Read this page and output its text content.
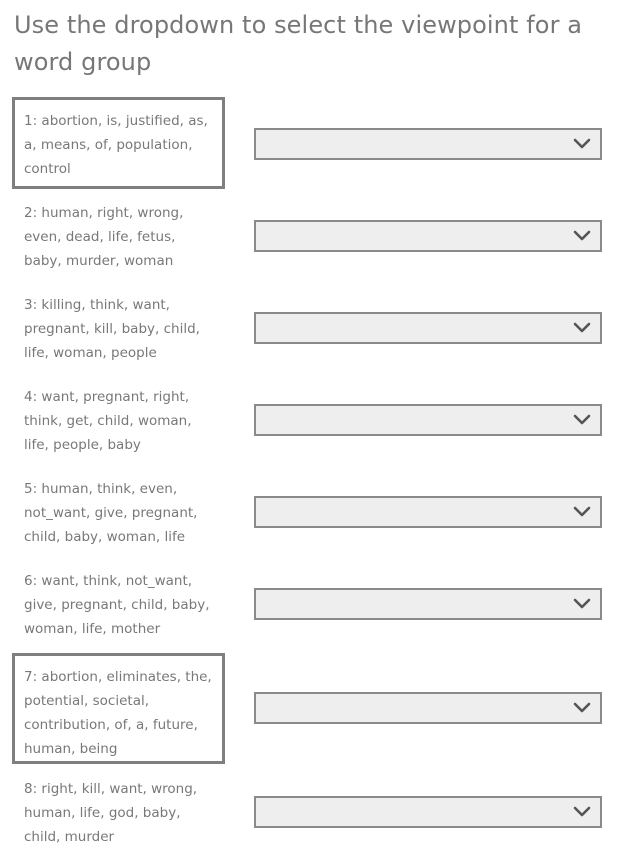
Use the dropdown to select the viewpoint for a word group
1: abortion, is, justified, as, a, means, of, population, control
2: human, right, wrong, even, dead, life, fetus, baby, murder, woman
3: killing, think, want, pregnant, kill, baby, child, life, woman, people
4: want, pregnant, right, think, get, child, woman, life, people, baby
5: human, think, even, not_want, give, pregnant, child, baby, woman, life
6: want, think, not_want, give, pregnant, child, baby, woman, life, mother
7: abortion, eliminates, the, potential, societal, contribution, of, a, future, human, being
8: right, kill, want, wrong, human, life, god, baby, child, murder
